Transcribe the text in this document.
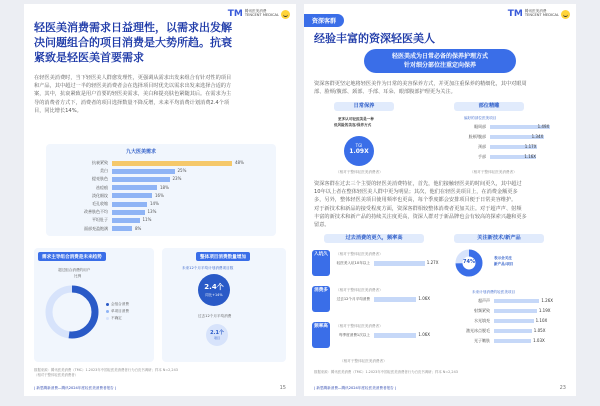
TM 腾讯医美消费
TENCENT MEDICAL
轻医美消费需求日益理性，以需求出发解
决问题组合的项目消费是大势所趋。抗衰
紧致是轻医美首要需求
在轻医美消费时，当下轻医美人群愈发理性，更强调从需求出发来组合有针对性的项目
和产品，其中超过一半的轻医美消费者会在选择项目时优先以需求出发来选择合适的方
案，其中，抗衰紧致是用户首要的轻医美需求，美白和提亮肤色紧随其后。在需求为主
导的消费者方式下，消费者的项目选择数量不降反增，未来平均消费计划消费2.4个项
目，同比增长14%。
九大医美需求
抗衰紧致	48%
美白	25%
提亮肤色	23%
祛痘痕	18%
淡化细纹	16%
毛孔收缩	14%
改善肤色不均	13%
平坦肚子	11%
面部充盈饱满	8%
需求主导组合消费是未来趋势
超过组合消费的用户
比例
会组合消费
单项目消费
不确定
整体项目消费数量增加
未来12个月平均计划消费项目数
2.4个
同比+14%
过去12个月平均消费
2.1个
项目
数据来源：腾讯医美消费（TMC）1.2023年中国轻医美消费者行为白皮书调研；样本 N=2,243
（相对于整体轻医美消费者）
| 新思腾新消费—腾讯2024年度轻医美消费者报告 |	15
资深客群
TM 腾讯医美消费
TENCENT MEDICAL
经验丰富的资深轻医美人
轻医美成为日常必备的保养护理方式
针对细分部位注重定向保养
资深客群更坚定地将轻医美作为日常的美容保养方式，并更加注重保养的精细化，其中对眼周
部、脸颊/腹部、颈部、手部、耳朵、眼部腹部护理更为关注。
日常保养
更多认可轻医美是一种
低风险的美容/保养方式
TGI
1.09X
（相对于整体轻医美消费者）
部位精雕
偏好的部位医美项目
眼周部	1.49X
脸颊/腹部	1.34X
颈部	1.17X
手部	1.16X
（相对于整体轻医美消费者）
资深客群在过去三个主要的轻医美消费特征，首先，他们接触轻医美的时间更久，其中超过
10年以上者在整体轻医美人群中更为明显；其次，他们在轻医美项目上，在消费金额更多
多，另外，整体轻医美项目使用频率也更高，每个季度都会安排项目便于日常美容维护。
对于新技术和新品的接受程度方面，资深客群相较整体消费者更加关注。对于超声声、射频
丰富的新技术和新产品的持续关注度更高，资深人群对于新品牌也会有较高的探索兴趣和更多
留意。
过去消费的更久，频率高
入坑久	（相对于整体轻医美消费者）
轻医美入坑10年以上	1.27X
消费多	（相对于整体轻医美消费者）
过去12个月平均消费	1.06X
频率高	（相对于整体轻医美消费者）
每季度消费1次以上	1.06X
（相对于整体轻医美消费者）
关注新技术/新产品
74%
表示会关注
新产品/项目
未来计划消费的轻医美项目
超声声	1.26X
射频紧致	1.19X
水光填充	1.10X
激光冰点脱毛	1.05X
光子嫩肤	1.03X
数据来源：腾讯医美消费（TMC）1.2023年中国轻医美消费者行为白皮书调研；样本 N=2,243
| 新思腾新消费—腾讯2024年度轻医美消费者报告 |	23
